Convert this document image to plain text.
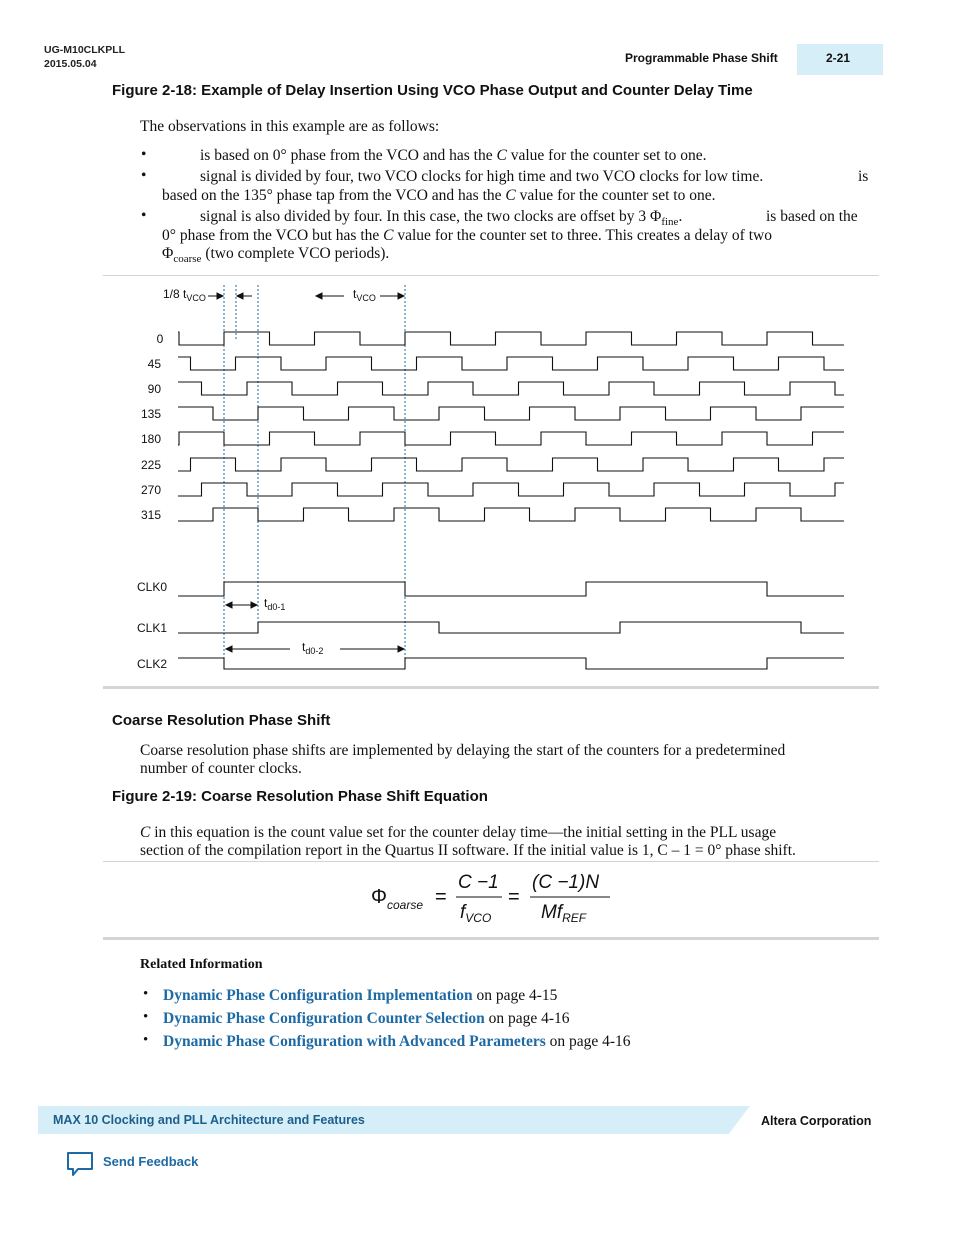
UG-M10CLKPLL
2015.05.04	Programmable Phase Shift	2-21
Figure 2-18: Example of Delay Insertion Using VCO Phase Output and Counter Delay Time
The observations in this example are as follows:
•	is based on 0° phase from the VCO and has the C value for the counter set to one.
•	signal is divided by four, two VCO clocks for high time and two VCO clocks for low time.	is
based on the 135° phase tap from the VCO and has the C value for the counter set to one.
•	signal is also divided by four. In this case, the two clocks are offset by 3 $\Phi_{fine}$.	is based on the
0° phase from the VCO but has the C value for the counter set to three. This creates a delay of two
$\Phi_{coarse}$ (two complete VCO periods).
1/8 $t_{VCO}$	$t_{VCO}$
0
45
90
135
180
225
270
315
CLK0
CLK1
CLK2
$t_{d0-1}$
$t_{d0-2}$
Coarse Resolution Phase Shift
Coarse resolution phase shifts are implemented by delaying the start of the counters for a predetermined
number of counter clocks.
Figure 2-19: Coarse Resolution Phase Shift Equation
C in this equation is the count value set for the counter delay time—the initial setting in the PLL usage
section of the compilation report in the Quartus II software. If the initial value is 1, C – 1 = 0° phase shift.
$\Phi_{coarse}$ =
C −1
$f_{VCO}$
=
(C −1)N
$Mf_{REF}$
Related Information
• Dynamic Phase Configuration Implementation on page 4-15
• Dynamic Phase Configuration Counter Selection on page 4-16
• Dynamic Phase Configuration with Advanced Parameters on page 4-16
MAX 10 Clocking and PLL Architecture and Features	Altera Corporation
Send Feedback
